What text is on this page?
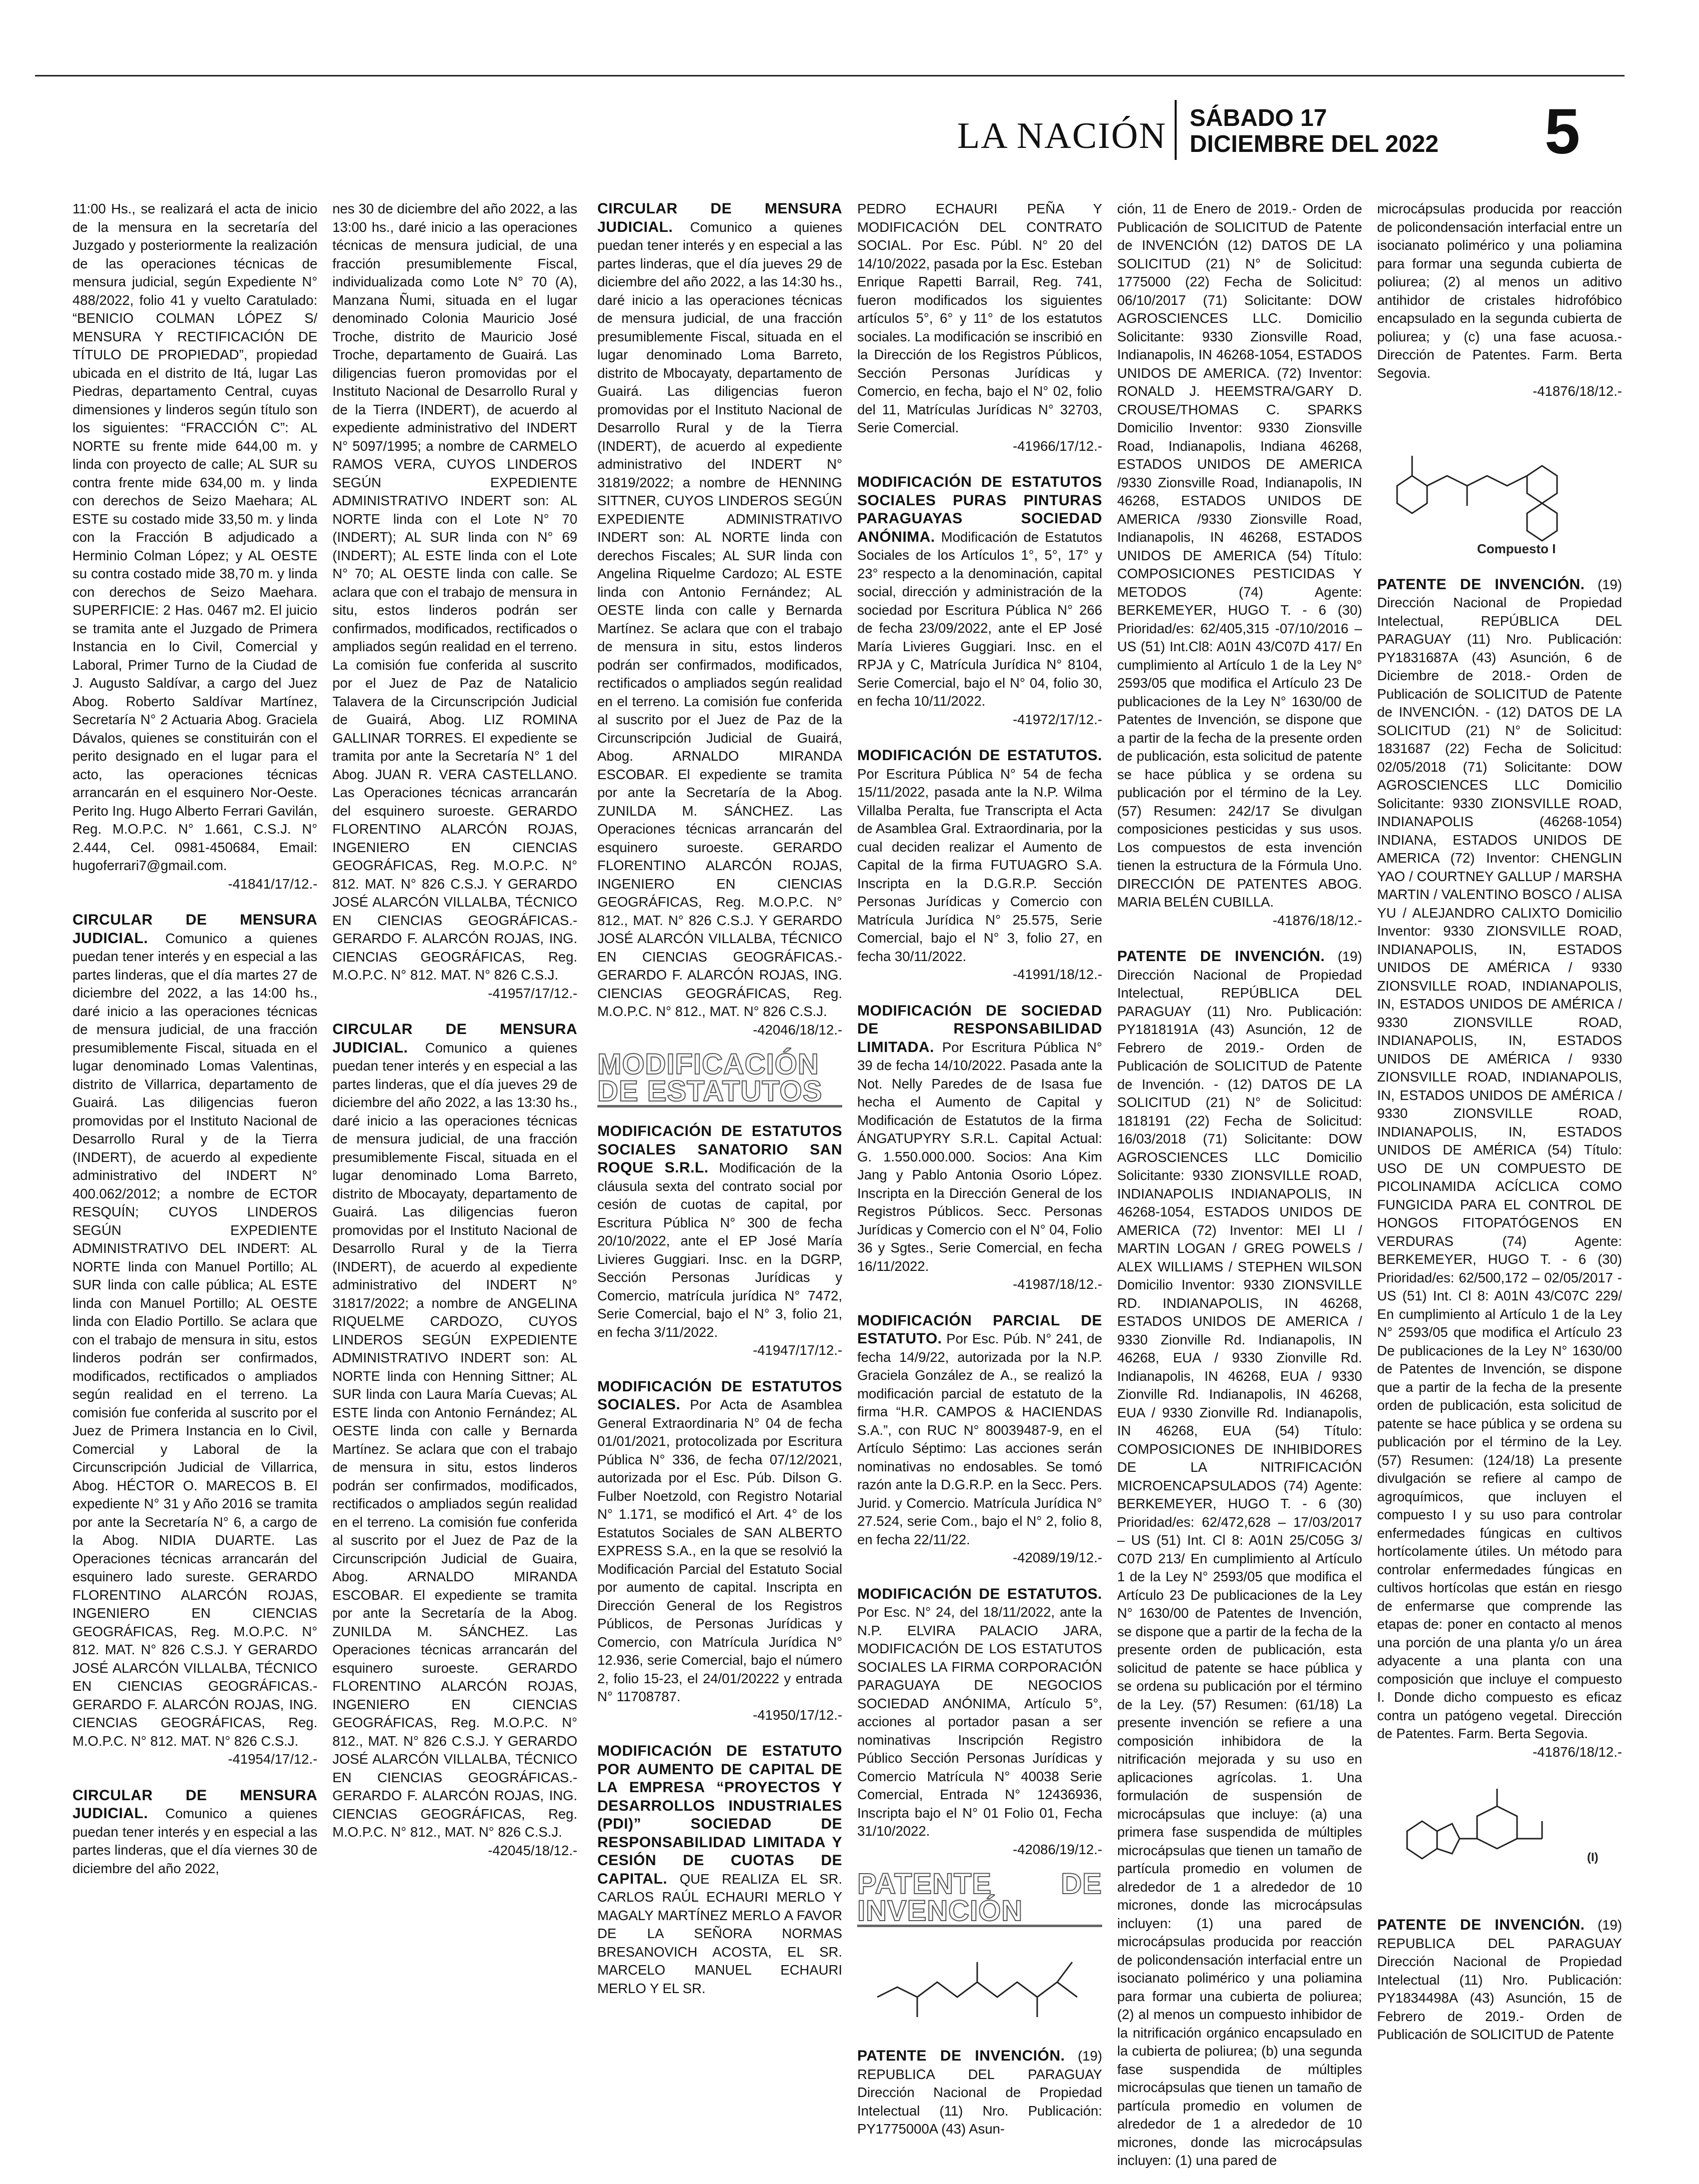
LA NACIÓN SÁBADO 17
DICIEMBRE DEL 2022 5

11:00 Hs., se realizará el acta de inicio de la mensura en la secretaría del Juzgado y posteriormente la realización de las operaciones técnicas de mensura judicial, según Expediente N° 488/2022, folio 41 y vuelto Caratulado: “BENICIO COLMAN LÓPEZ S/ MENSURA Y RECTIFICACIÓN DE TÍTULO DE PROPIEDAD”, propiedad ubicada en el distrito de Itá, lugar Las Piedras, departamento Central, cuyas dimensiones y linderos según título son los siguientes: “FRACCIÓN C”: AL NORTE su frente mide 644,00 m. y linda con proyecto de calle; AL SUR su contra frente mide 634,00 m. y linda con derechos de Seizo Maehara; AL ESTE su costado mide 33,50 m. y linda con la Fracción B adjudicado a Herminio Colman López; y AL OESTE su contra costado mide 38,70 m. y linda con derechos de Seizo Maehara. SUPERFICIE: 2 Has. 0467 m2. El juicio se tramita ante el Juzgado de Primera Instancia en lo Civil, Comercial y Laboral, Primer Turno de la Ciudad de J. Augusto Saldívar, a cargo del Juez Abog. Roberto Saldívar Martínez, Secretaría N° 2 Actuaria Abog. Graciela Dávalos, quienes se constituirán con el perito designado en el lugar para el acto, las operaciones técnicas arrancarán en el esquinero Nor-Oeste. Perito Ing. Hugo Alberto Ferrari Gavilán, Reg. M.O.P.C. N° 1.661, C.S.J. N° 2.444, Cel. 0981-450684, Email: hugoferrari7@gmail.com.

-41841/17/12.-

CIRCULAR DE MENSURA JUDICIAL. Comunico a quienes puedan tener interés y en especial a las partes linderas, que el día martes 27 de diciembre del 2022, a las 14:00 hs., daré inicio a las operaciones técnicas de mensura judicial, de una fracción presumiblemente Fiscal, situada en el lugar denominado Lomas Valentinas, distrito de Villarrica, departamento de Guairá. Las diligencias fueron promovidas por el Instituto Nacional de Desarrollo Rural y de la Tierra (INDERT), de acuerdo al expediente administrativo del INDERT N° 400.062/2012; a nombre de ECTOR RESQUÍN; CUYOS LINDEROS SEGÚN EXPEDIENTE ADMINISTRATIVO DEL INDERT: AL NORTE linda con Manuel Portillo; AL SUR linda con calle pública; AL ESTE linda con Manuel Portillo; AL OESTE linda con Eladio Portillo. Se aclara que con el trabajo de mensura in situ, estos linderos podrán ser confirmados, modificados, rectificados o ampliados según realidad en el terreno. La comisión fue conferida al suscrito por el Juez de Primera Instancia en lo Civil, Comercial y Laboral de la Circunscripción Judicial de Villarrica, Abog. HÉCTOR O. MARECOS B. El expediente N° 31 y Año 2016 se tramita por ante la Secretaría N° 6, a cargo de la Abog. NIDIA DUARTE. Las Operaciones técnicas arrancarán del esquinero lado sureste. GERARDO FLORENTINO ALARCÓN ROJAS, INGENIERO EN CIENCIAS GEOGRÁFICAS, Reg. M.O.P.C. N° 812. MAT. N° 826 C.S.J. Y GERARDO JOSÉ ALARCÓN VILLALBA, TÉCNICO EN CIENCIAS GEOGRÁFICAS.- GERARDO F. ALARCÓN ROJAS, ING. CIENCIAS GEOGRÁFICAS, Reg. M.O.P.C. N° 812. MAT. N° 826 C.S.J.

-41954/17/12.-

CIRCULAR DE MENSURA JUDICIAL. Comunico a quienes puedan tener interés y en especial a las partes linderas, que el día viernes 30 de diciembre del año 2022,

nes 30 de diciembre del año 2022, a las 13:00 hs., daré inicio a las operaciones técnicas de mensura judicial, de una fracción presumiblemente Fiscal, individualizada como Lote N° 70 (A), Manzana Ñumi, situada en el lugar denominado Colonia Mauricio José Troche, distrito de Mauricio José Troche, departamento de Guairá. Las diligencias fueron promovidas por el Instituto Nacional de Desarrollo Rural y de la Tierra (INDERT), de acuerdo al expediente administrativo del INDERT N° 5097/1995; a nombre de CARMELO RAMOS VERA, CUYOS LINDEROS SEGÚN EXPEDIENTE ADMINISTRATIVO INDERT son: AL NORTE linda con el Lote N° 70 (INDERT); AL SUR linda con N° 69 (INDERT); AL ESTE linda con el Lote N° 70; AL OESTE linda con calle. Se aclara que con el trabajo de mensura in situ, estos linderos podrán ser confirmados, modificados, rectificados o ampliados según realidad en el terreno. La comisión fue conferida al suscrito por el Juez de Paz de Natalicio Talavera de la Circunscripción Judicial de Guairá, Abog. LIZ ROMINA GALLINAR TORRES. El expediente se tramita por ante la Secretaría N° 1 del Abog. JUAN R. VERA CASTELLANO. Las Operaciones técnicas arrancarán del esquinero suroeste. GERARDO FLORENTINO ALARCÓN ROJAS, INGENIERO EN CIENCIAS GEOGRÁFICAS, Reg. M.O.P.C. N° 812. MAT. N° 826 C.S.J. Y GERARDO JOSÉ ALARCÓN VILLALBA, TÉCNICO EN CIENCIAS GEOGRÁFICAS.- GERARDO F. ALARCÓN ROJAS, ING. CIENCIAS GEOGRÁFICAS, Reg. M.O.P.C. N° 812. MAT. N° 826 C.S.J.

-41957/17/12.-

CIRCULAR DE MENSURA JUDICIAL. Comunico a quienes puedan tener interés y en especial a las partes linderas, que el día jueves 29 de diciembre del año 2022, a las 13:30 hs., daré inicio a las operaciones técnicas de mensura judicial, de una fracción presumiblemente Fiscal, situada en el lugar denominado Loma Barreto, distrito de Mbocayaty, departamento de Guairá. Las diligencias fueron promovidas por el Instituto Nacional de Desarrollo Rural y de la Tierra (INDERT), de acuerdo al expediente administrativo del INDERT N° 31817/2022; a nombre de ANGELINA RIQUELME CARDOZO, CUYOS LINDEROS SEGÚN EXPEDIENTE ADMINISTRATIVO INDERT son: AL NORTE linda con Henning Sittner; AL SUR linda con Laura María Cuevas; AL ESTE linda con Antonio Fernández; AL OESTE linda con calle y Bernarda Martínez. Se aclara que con el trabajo de mensura in situ, estos linderos podrán ser confirmados, modificados, rectificados o ampliados según realidad en el terreno. La comisión fue conferida al suscrito por el Juez de Paz de la Circunscripción Judicial de Guaira, Abog. ARNALDO MIRANDA ESCOBAR. El expediente se tramita por ante la Secretaría de la Abog. ZUNILDA M. SÁNCHEZ. Las Operaciones técnicas arrancarán del esquinero suroeste. GERARDO FLORENTINO ALARCÓN ROJAS, INGENIERO EN CIENCIAS GEOGRÁFICAS, Reg. M.O.P.C. N° 812., MAT. N° 826 C.S.J. Y GERARDO JOSÉ ALARCÓN VILLALBA, TÉCNICO EN CIENCIAS GEOGRÁFICAS.- GERARDO F. ALARCÓN ROJAS, ING. CIENCIAS GEOGRÁFICAS, Reg. M.O.P.C. N° 812., MAT. N° 826 C.S.J.

-42045/18/12.-

CIRCULAR DE MENSURA JUDICIAL. Comunico a quienes puedan tener interés y en especial a las partes linderas, que el día jueves 29 de diciembre del año 2022, a las 14:30 hs., daré inicio a las operaciones técnicas de mensura judicial, de una fracción presumiblemente Fiscal, situada en el lugar denominado Loma Barreto, distrito de Mbocayaty, departamento de Guairá. Las diligencias fueron promovidas por el Instituto Nacional de Desarrollo Rural y de la Tierra (INDERT), de acuerdo al expediente administrativo del INDERT N° 31819/2022; a nombre de HENNING SITTNER, CUYOS LINDEROS SEGÚN EXPEDIENTE ADMINISTRATIVO INDERT son: AL NORTE linda con derechos Fiscales; AL SUR linda con Angelina Riquelme Cardozo; AL ESTE linda con Antonio Fernández; AL OESTE linda con calle y Bernarda Martínez. Se aclara que con el trabajo de mensura in situ, estos linderos podrán ser confirmados, modificados, rectificados o ampliados según realidad en el terreno. La comisión fue conferida al suscrito por el Juez de Paz de la Circunscripción Judicial de Guairá, Abog. ARNALDO MIRANDA ESCOBAR. El expediente se tramita por ante la Secretaría de la Abog. ZUNILDA M. SÁNCHEZ. Las Operaciones técnicas arrancarán del esquinero suroeste. GERARDO FLORENTINO ALARCÓN ROJAS, INGENIERO EN CIENCIAS GEOGRÁFICAS, Reg. M.O.P.C. N° 812., MAT. N° 826 C.S.J. Y GERARDO JOSÉ ALARCÓN VILLALBA, TÉCNICO EN CIENCIAS GEOGRÁFICAS.- GERARDO F. ALARCÓN ROJAS, ING. CIENCIAS GEOGRÁFICAS, Reg. M.O.P.C. N° 812., MAT. N° 826 C.S.J.

-42046/18/12.-
MODIFICACIÓN DE ESTATUTOS

MODIFICACIÓN DE ESTATUTOS SOCIALES SANATORIO SAN ROQUE S.R.L. Modificación de la cláusula sexta del contrato social por cesión de cuotas de capital, por Escritura Pública N° 300 de fecha 20/10/2022, ante el EP José María Livieres Guggiari. Insc. en la DGRP, Sección Personas Jurídicas y Comercio, matrícula jurídica N° 7472, Serie Comercial, bajo el N° 3, folio 21, en fecha 3/11/2022.

-41947/17/12.-

MODIFICACIÓN DE ESTATUTOS SOCIALES. Por Acta de Asamblea General Extraordinaria N° 04 de fecha 01/01/2021, protocolizada por Escritura Pública N° 336, de fecha 07/12/2021, autorizada por el Esc. Púb. Dilson G. Fulber Noetzold, con Registro Notarial N° 1.171, se modificó el Art. 4° de los Estatutos Sociales de SAN ALBERTO EXPRESS S.A., en la que se resolvió la Modificación Parcial del Estatuto Social por aumento de capital. Inscripta en Dirección General de los Registros Públicos, de Personas Jurídicas y Comercio, con Matrícula Jurídica N° 12.936, serie Comercial, bajo el número 2, folio 15-23, el 24/01/20222 y entrada N° 11708787.

-41950/17/12.-

MODIFICACIÓN DE ESTATUTO POR AUMENTO DE CAPITAL DE LA EMPRESA “PROYECTOS Y DESARROLLOS INDUSTRIALES (PDI)” SOCIEDAD DE RESPONSABILIDAD LIMITADA Y CESIÓN DE CUOTAS DE CAPITAL. QUE REALIZA EL SR. CARLOS RAÚL ECHAURI MERLO Y MAGALY MARTÍNEZ MERLO A FAVOR DE LA SEÑORA NORMAS BRESANOVICH ACOSTA, EL SR. MARCELO MANUEL ECHAURI MERLO Y EL SR.

PEDRO ECHAURI PEÑA Y MODIFICACIÓN DEL CONTRATO SOCIAL. Por Esc. Públ. N° 20 del 14/10/2022, pasada por la Esc. Esteban Enrique Rapetti Barrail, Reg. 741, fueron modificados los siguientes artículos 5°, 6° y 11° de los estatutos sociales. La modificación se inscribió en la Dirección de los Registros Públicos, Sección Personas Jurídicas y Comercio, en fecha, bajo el N° 02, folio del 11, Matrículas Jurídicas N° 32703, Serie Comercial.

-41966/17/12.-

MODIFICACIÓN DE ESTATUTOS SOCIALES PURAS PINTURAS PARAGUAYAS SOCIEDAD ANÓNIMA. Modificación de Estatutos Sociales de los Artículos 1°, 5°, 17° y 23° respecto a la denominación, capital social, dirección y administración de la sociedad por Escritura Pública N° 266 de fecha 23/09/2022, ante el EP José María Livieres Guggiari. Insc. en el RPJA y C, Matrícula Jurídica N° 8104, Serie Comercial, bajo el N° 04, folio 30, en fecha 10/11/2022.

-41972/17/12.-

MODIFICACIÓN DE ESTATUTOS. Por Escritura Pública N° 54 de fecha 15/11/2022, pasada ante la N.P. Wilma Villalba Peralta, fue Transcripta el Acta de Asamblea Gral. Extraordinaria, por la cual deciden realizar el Aumento de Capital de la firma FUTUAGRO S.A. Inscripta en la D.G.R.P. Sección Personas Jurídicas y Comercio con Matrícula Jurídica N° 25.575, Serie Comercial, bajo el N° 3, folio 27, en fecha 30/11/2022.

-41991/18/12.-

MODIFICACIÓN DE SOCIEDAD DE RESPONSABILIDAD LIMITADA. Por Escritura Pública N° 39 de fecha 14/10/2022. Pasada ante la Not. Nelly Paredes de de Isasa fue hecha el Aumento de Capital y Modificación de Estatutos de la firma ÁNGATUPYRY S.R.L. Capital Actual: G. 1.550.000.000. Socios: Ana Kim Jang y Pablo Antonia Osorio López. Inscripta en la Dirección General de los Registros Públicos. Secc. Personas Jurídicas y Comercio con el N° 04, Folio 36 y Sgtes., Serie Comercial, en fecha 16/11/2022.

-41987/18/12.-

MODIFICACIÓN PARCIAL DE ESTATUTO. Por Esc. Púb. N° 241, de fecha 14/9/22, autorizada por la N.P. Graciela González de A., se realizó la modificación parcial de estatuto de la firma “H.R. CAMPOS & HACIENDAS S.A.”, con RUC N° 80039487-9, en el Artículo Séptimo: Las acciones serán nominativas no endosables. Se tomó razón ante la D.G.R.P. en la Secc. Pers. Jurid. y Comercio. Matrícula Jurídica N° 27.524, serie Com., bajo el N° 2, folio 8, en fecha 22/11/22.

-42089/19/12.-

MODIFICACIÓN DE ESTATUTOS. Por Esc. N° 24, del 18/11/2022, ante la N.P. ELVIRA PALACIO JARA, MODIFICACIÓN DE LOS ESTATUTOS SOCIALES LA FIRMA CORPORACIÓN PARAGUAYA DE NEGOCIOS SOCIEDAD ANÓNIMA, Artículo 5°, acciones al portador pasan a ser nominativas Inscripción Registro Público Sección Personas Jurídicas y Comercio Matrícula N° 40038 Serie Comercial, Entrada N° 12436936, Inscripta bajo el N° 01 Folio 01, Fecha 31/10/2022.

-42086/19/12.-
PATENTE DE INVENCIÓN

PATENTE DE INVENCIÓN. (19) REPUBLICA DEL PARAGUAY Dirección Nacional de Propiedad Intelectual (11) Nro. Publicación: PY1775000A (43) Asun-

ción, 11 de Enero de 2019.- Orden de Publicación de SOLICITUD de Patente de INVENCIÓN (12) DATOS DE LA SOLICITUD (21) N° de Solicitud: 1775000 (22) Fecha de Solicitud: 06/10/2017 (71) Solicitante: DOW AGROSCIENCES LLC. Domicilio Solicitante: 9330 Zionsville Road, Indianapolis, IN 46268-1054, ESTADOS UNIDOS DE AMERICA. (72) Inventor: RONALD J. HEEMSTRA/GARY D. CROUSE/THOMAS C. SPARKS Domicilio Inventor: 9330 Zionsville Road, Indianapolis, Indiana 46268, ESTADOS UNIDOS DE AMERICA /9330 Zionsville Road, Indianapolis, IN 46268, ESTADOS UNIDOS DE AMERICA /9330 Zionsville Road, Indianapolis, IN 46268, ESTADOS UNIDOS DE AMERICA (54) Título: COMPOSICIONES PESTICIDAS Y METODOS (74) Agente: BERKEMEYER, HUGO T. - 6 (30) Prioridad/es: 62/405,315 -07/10/2016 – US (51) Int.Cl8: A01N 43/C07D 417/ En cumplimiento al Artículo 1 de la Ley N° 2593/05 que modifica el Artículo 23 De publicaciones de la Ley N° 1630/00 de Patentes de Invención, se dispone que a partir de la fecha de la presente orden de publicación, esta solicitud de patente se hace pública y se ordena su publicación por el término de la Ley. (57) Resumen: 242/17 Se divulgan composiciones pesticidas y sus usos. Los compuestos de esta invención tienen la estructura de la Fórmula Uno. DIRECCIÓN DE PATENTES ABOG. MARIA BELÉN CUBILLA.

-41876/18/12.-

PATENTE DE INVENCIÓN. (19) Dirección Nacional de Propiedad Intelectual, REPÚBLICA DEL PARAGUAY (11) Nro. Publicación: PY1818191A (43) Asunción, 12 de Febrero de 2019.- Orden de Publicación de SOLICITUD de Patente de Invención. - (12) DATOS DE LA SOLICITUD (21) N° de Solicitud: 1818191 (22) Fecha de Solicitud: 16/03/2018 (71) Solicitante: DOW AGROSCIENCES LLC Domicilio Solicitante: 9330 ZIONSVILLE ROAD, INDIANAPOLIS INDIANAPOLIS, IN 46268-1054, ESTADOS UNIDOS DE AMERICA (72) Inventor: MEI LI / MARTIN LOGAN / GREG POWELS / ALEX WILLIAMS / STEPHEN WILSON Domicilio Inventor: 9330 ZIONSVILLE RD. INDIANAPOLIS, IN 46268, ESTADOS UNIDOS DE AMERICA / 9330 Zionville Rd. Indianapolis, IN 46268, EUA / 9330 Zionville Rd. Indianapolis, IN 46268, EUA / 9330 Zionville Rd. Indianapolis, IN 46268, EUA / 9330 Zionville Rd. Indianapolis, IN 46268, EUA (54) Título: COMPOSICIONES DE INHIBIDORES DE LA NITRIFICACIÓN MICROENCAPSULADOS (74) Agente: BERKEMEYER, HUGO T. - 6 (30) Prioridad/es: 62/472,628 – 17/03/2017 – US (51) Int. Cl 8: A01N 25/C05G 3/ C07D 213/ En cumplimiento al Artículo 1 de la Ley N° 2593/05 que modifica el Artículo 23 De publicaciones de la Ley N° 1630/00 de Patentes de Invención, se dispone que a partir de la fecha de la presente orden de publicación, esta solicitud de patente se hace pública y se ordena su publicación por el término de la Ley. (57) Resumen: (61/18) La presente invención se refiere a una composición inhibidora de la nitrificación mejorada y su uso en aplicaciones agrícolas. 1. Una formulación de suspensión de microcápsulas que incluye: (a) una primera fase suspendida de múltiples microcápsulas que tienen un tamaño de partícula promedio en volumen de alrededor de 1 a alrededor de 10 micrones, donde las microcápsulas incluyen: (1) una pared de microcápsulas producida por reacción de policondensación interfacial entre un isocianato polimérico y una poliamina para formar una cubierta de poliurea; (2) al menos un compuesto inhibidor de la nitrificación orgánico encapsulado en la cubierta de poliurea; (b) una segunda fase suspendida de múltiples microcápsulas que tienen un tamaño de partícula promedio en volumen de alrededor de 1 a alrededor de 10 micrones, donde las microcápsulas incluyen: (1) una pared de

microcápsulas producida por reacción de policondensación interfacial entre un isocianato polimérico y una poliamina para formar una segunda cubierta de poliurea; (2) al menos un aditivo antihidor de cristales hidrofóbico encapsulado en la segunda cubierta de poliurea; y (c) una fase acuosa.- Dirección de Patentes. Farm. Berta Segovia.

-41876/18/12.-
Compuesto I

PATENTE DE INVENCIÓN. (19) Dirección Nacional de Propiedad Intelectual, REPÚBLICA DEL PARAGUAY (11) Nro. Publicación: PY1831687A (43) Asunción, 6 de Diciembre de 2018.- Orden de Publicación de SOLICITUD de Patente de INVENCIÓN. - (12) DATOS DE LA SOLICITUD (21) N° de Solicitud: 1831687 (22) Fecha de Solicitud: 02/05/2018 (71) Solicitante: DOW AGROSCIENCES LLC Domicilio Solicitante: 9330 ZIONSVILLE ROAD, INDIANAPOLIS (46268-1054) INDIANA, ESTADOS UNIDOS DE AMERICA (72) Inventor: CHENGLIN YAO / COURTNEY GALLUP / MARSHA MARTIN / VALENTINO BOSCO / ALISA YU / ALEJANDRO CALIXTO Domicilio Inventor: 9330 ZIONSVILLE ROAD, INDIANAPOLIS, IN, ESTADOS UNIDOS DE AMÉRICA / 9330 ZIONSVILLE ROAD, INDIANAPOLIS, IN, ESTADOS UNIDOS DE AMÉRICA / 9330 ZIONSVILLE ROAD, INDIANAPOLIS, IN, ESTADOS UNIDOS DE AMÉRICA / 9330 ZIONSVILLE ROAD, INDIANAPOLIS, IN, ESTADOS UNIDOS DE AMÉRICA / 9330 ZIONSVILLE ROAD, INDIANAPOLIS, IN, ESTADOS UNIDOS DE AMÉRICA (54) Título: USO DE UN COMPUESTO DE PICOLINAMIDA ACÍCLICA COMO FUNGICIDA PARA EL CONTROL DE HONGOS FITOPATÓGENOS EN VERDURAS (74) Agente: BERKEMEYER, HUGO T. - 6 (30) Prioridad/es: 62/500,172 – 02/05/2017 - US (51) Int. Cl 8: A01N 43/C07C 229/ En cumplimiento al Artículo 1 de la Ley N° 2593/05 que modifica el Artículo 23 De publicaciones de la Ley N° 1630/00 de Patentes de Invención, se dispone que a partir de la fecha de la presente orden de publicación, esta solicitud de patente se hace pública y se ordena su publicación por el término de la Ley. (57) Resumen: (124/18) La presente divulgación se refiere al campo de agroquímicos, que incluyen el compuesto I y su uso para controlar enfermedades fúngicas en cultivos hortícolamente útiles. Un método para controlar enfermedades fúngicas en cultivos hortícolas que están en riesgo de enfermarse que comprende las etapas de: poner en contacto al menos una porción de una planta y/o un área adyacente a una planta con una composición que incluye el compuesto I. Donde dicho compuesto es eficaz contra un patógeno vegetal. Dirección de Patentes. Farm. Berta Segovia.

-41876/18/12.-
(I)

PATENTE DE INVENCIÓN. (19) REPUBLICA DEL PARAGUAY Dirección Nacional de Propiedad Intelectual (11) Nro. Publicación: PY1834498A (43) Asunción, 15 de Febrero de 2019.- Orden de Publicación de SOLICITUD de Patente
